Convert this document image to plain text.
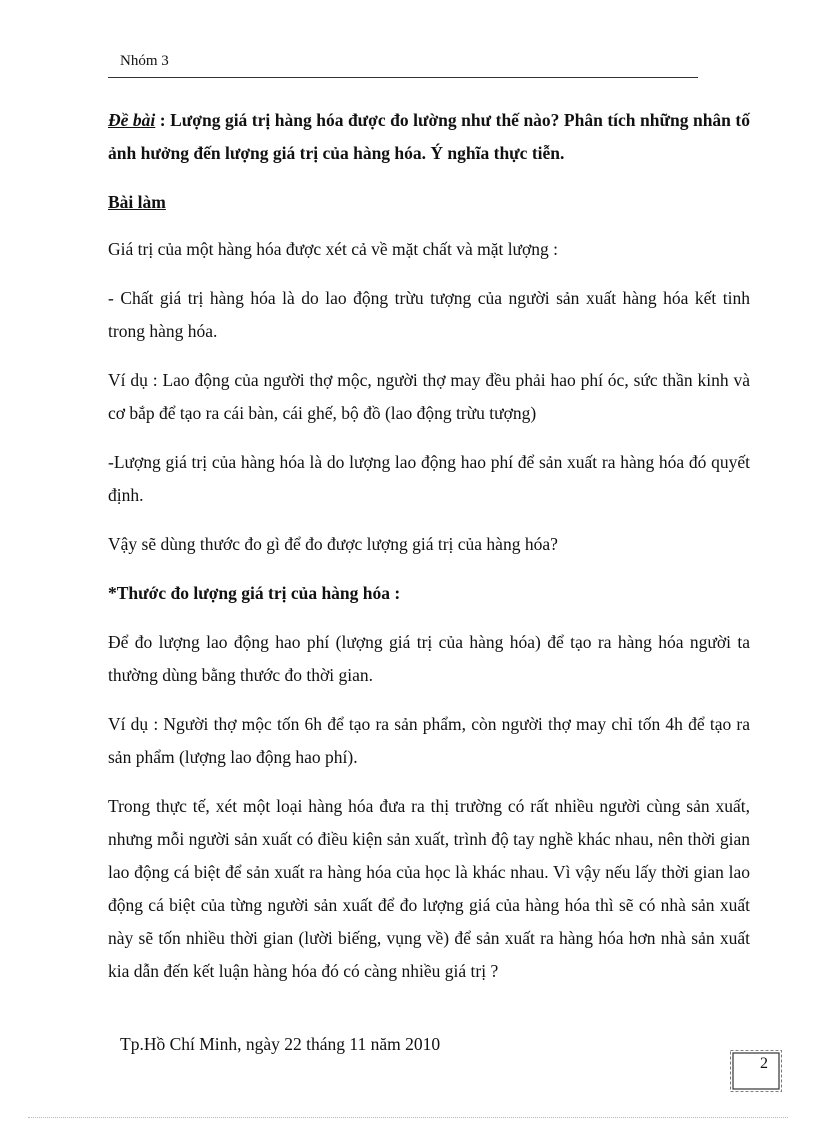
Nhóm 3

Đề bài : Lượng giá trị hàng hóa được đo lường như thế nào? Phân tích những nhân tố ảnh hưởng đến lượng giá trị của hàng hóa. Ý nghĩa thực tiễn.

Bài làm

Giá trị của một hàng hóa được xét cả về mặt chất và mặt lượng :

- Chất giá trị hàng hóa là do lao động trừu tượng của người sản xuất hàng hóa kết tinh trong hàng hóa.

Ví dụ : Lao động của người thợ mộc, người thợ may đều phải hao phí óc, sức thần kinh và cơ bắp để tạo ra cái bàn, cái ghế, bộ đồ (lao động trừu tượng)

-Lượng giá trị của hàng hóa là do lượng lao động hao phí để sản xuất ra hàng hóa đó quyết định.

Vậy sẽ dùng thước đo gì để đo được lượng giá trị của hàng hóa?

*Thước đo lượng giá trị của hàng hóa :

Để đo lượng lao động hao phí (lượng giá trị của hàng hóa) để tạo ra hàng hóa người ta thường dùng bằng thước đo thời gian.

Ví dụ : Người thợ mộc tốn 6h để tạo ra sản phẩm, còn người thợ may chỉ tốn 4h để tạo ra sản phẩm (lượng lao động hao phí).

Trong thực tế, xét một loại hàng hóa đưa ra thị trường có rất nhiều người cùng sản xuất, nhưng mỗi người sản xuất có điều kiện sản xuất, trình độ tay nghề khác nhau, nên thời gian lao động cá biệt để sản xuất ra hàng hóa của học là khác nhau. Vì vậy nếu lấy thời gian lao động cá biệt của từng người sản xuất để đo lượng giá của hàng hóa thì sẽ có nhà sản xuất này sẽ tốn nhiều thời gian (lười biếng, vụng về) để sản xuất ra hàng hóa hơn nhà sản xuất kia dẫn đến kết luận hàng hóa đó có càng nhiều giá trị ?

Tp.Hồ Chí Minh, ngày 22 tháng 11 năm 2010
2
